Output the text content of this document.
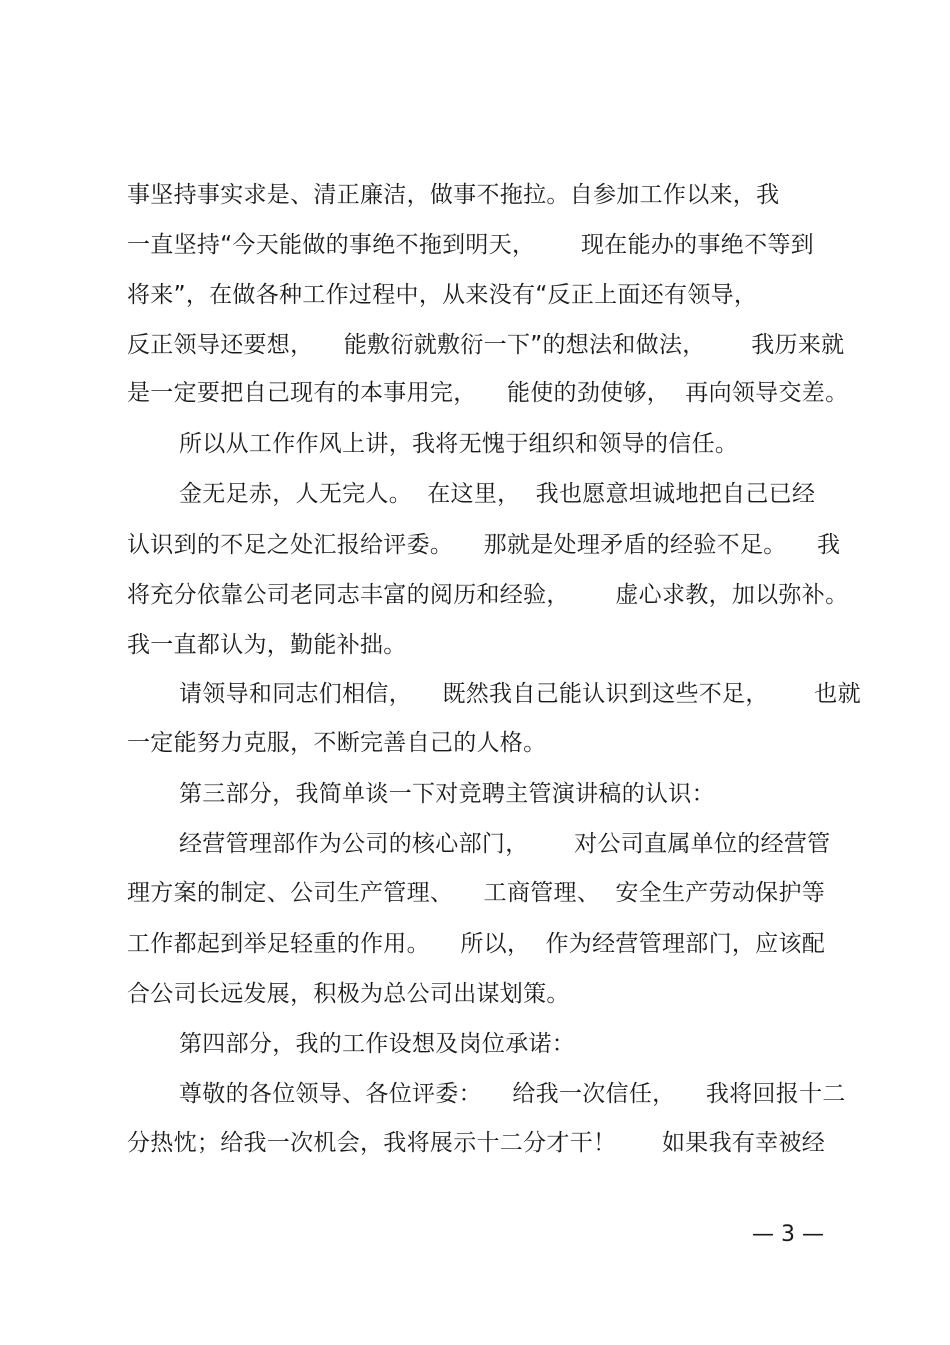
事坚持事实求是、清正廉洁，做事不拖拉。自参加工作以来，我
一直坚持“今天能做的事绝不拖到明天，      现在能办的事绝不等到
将来”，在做各种工作过程中，从来没有“反正上面还有领导，
反正领导还要想，    能敷衍就敷衍一下”的想法和做法，      我历来就
是一定要把自己现有的本事用完，    能使的劲使够，  再向领导交差。
所以从工作作风上讲，我将无愧于组织和领导的信任。
金无足赤，人无完人。  在这里，  我也愿意坦诚地把自己已经
认识到的不足之处汇报给评委。    那就是处理矛盾的经验不足。    我
将充分依靠公司老同志丰富的阅历和经验，      虚心求教，加以弥补。
我一直都认为，勤能补拙。
请领导和同志们相信，    既然我自己能认识到这些不足，      也就
一定能努力克服，不断完善自己的人格。
第三部分，我简单谈一下对竞聘主管演讲稿的认识：
经营管理部作为公司的核心部门，      对公司直属单位的经营管
理方案的制定、公司生产管理、    工商管理、  安全生产劳动保护等
工作都起到举足轻重的作用。    所以，  作为经营管理部门，应该配
合公司长远发展，积极为总公司出谋划策。
第四部分，我的工作设想及岗位承诺：
尊敬的各位领导、各位评委：    给我一次信任，    我将回报十二
分热忱；给我一次机会，我将展示十二分才干！      如果我有幸被经
— 3 —
